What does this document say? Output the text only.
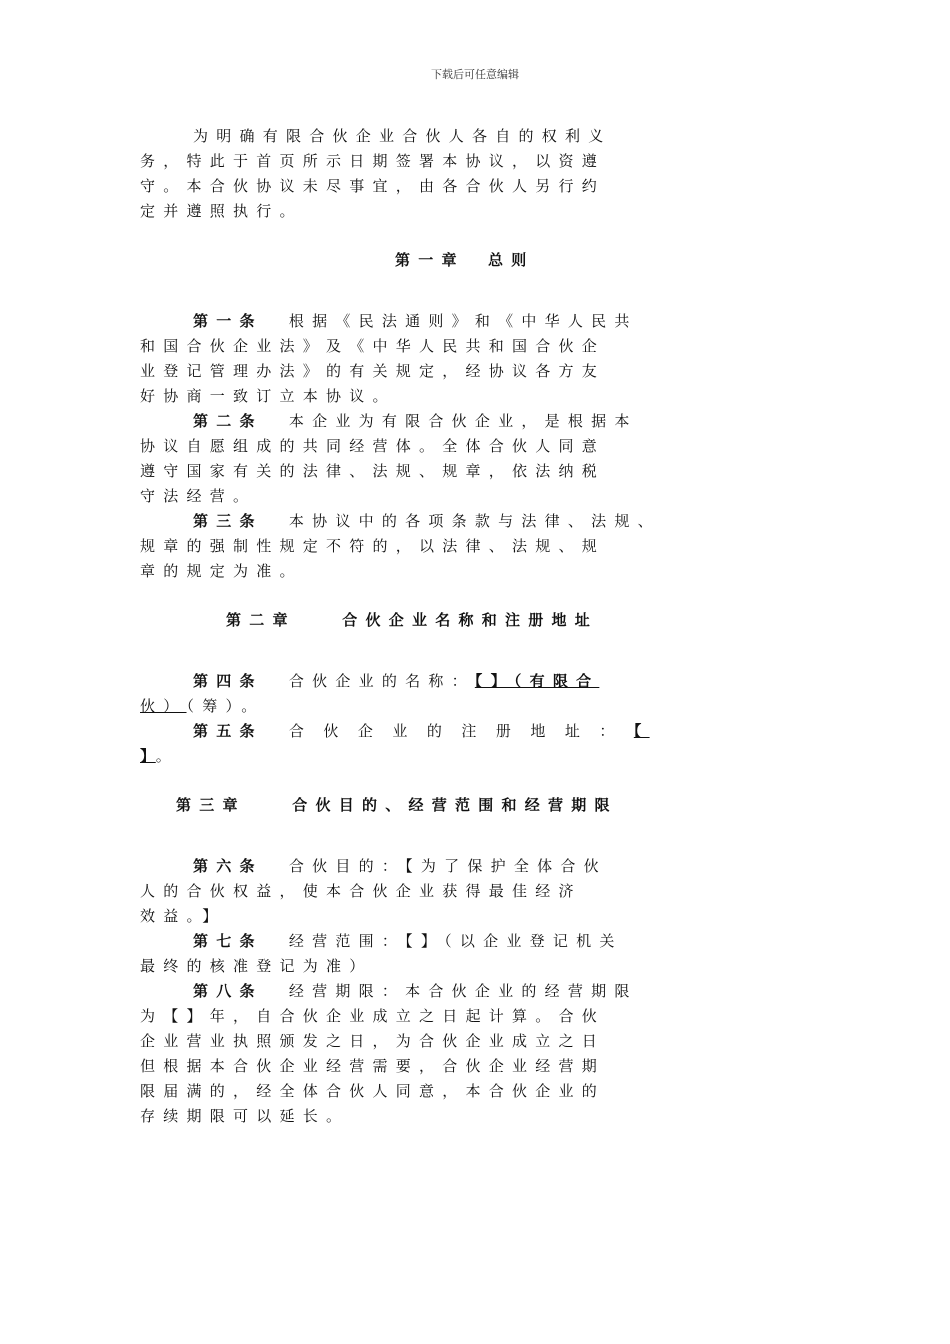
下载后可任意编辑
为明确有限合伙企业合伙人各自的权利义
务，特此于首页所示日期签署本协议，以资遵
守。本合伙协议未尽事宜，由各合伙人另行约
定并遵照执行。
第一章　总则
第一条 根据《民法通则》和《中华人民共
和国合伙企业法》及《中华人民共和国合伙企
业登记管理办法》的有关规定，经协议各方友
好协商一致订立本协议。
第二条 本企业为有限合伙企业，是根据本
协议自愿组成的共同经营体。全体合伙人同意
遵守国家有关的法律、法规、规章，依法纳税
守法经营。
第三条 本协议中的各项条款与法律、法规、
规章的强制性规定不符的，以法律、法规、规
章的规定为准。
第二章　　合伙企业名称和注册地址
第四条 合伙企业的名称：【】（有限合
伙）（筹）。
第五条 合伙企业的注册地址：【
】。
第三章　　合伙目的、经营范围和经营期限
第六条 合伙目的：【为了保护全体合伙
人的合伙权益，使本合伙企业获得最佳经济
效益。】
第七条 经营范围：【】（以企业登记机关
最终的核准登记为准）
第八条 经营期限：本合伙企业的经营期限
为【】年，自合伙企业成立之日起计算。合伙
企业营业执照颁发之日，为合伙企业成立之日
但根据本合伙企业经营需要，合伙企业经营期
限届满的，经全体合伙人同意，本合伙企业的
存续期限可以延长。
